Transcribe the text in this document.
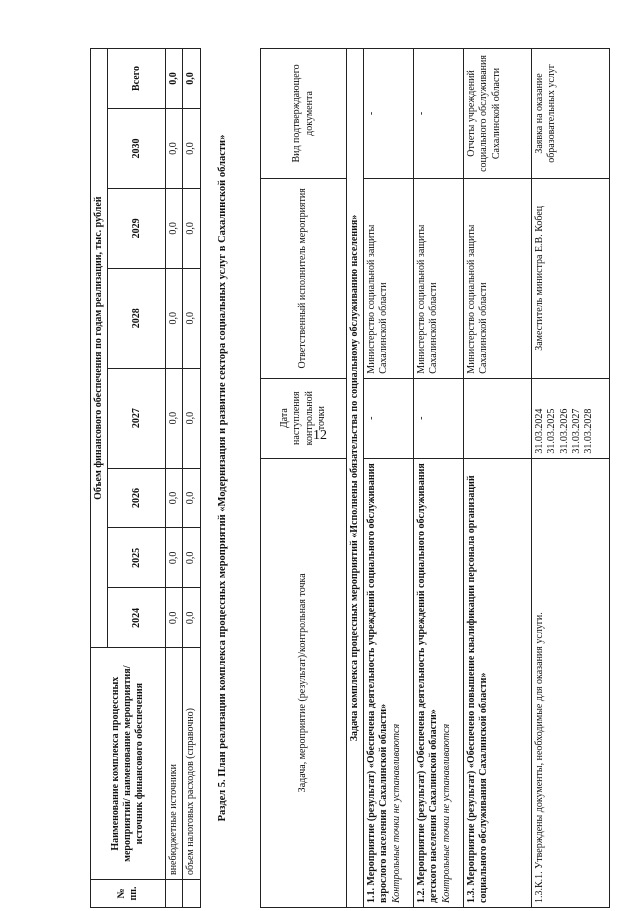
12
№ пп.	Наименование комплекса процессных мероприятий/ наименование мероприятия/ источник финансового обеспечения	Объем финансового обеспечения по годам реализации, тыс. рублей							
		2024	2025	2026	2027	2028	2029	2030	Всего
	внебюджетные источники	0,0	0,0	0,0	0,0	0,0	0,0	0,0	0,0
	объем налоговых расходов (справочно)	0,0	0,0	0,0	0,0	0,0	0,0	0,0	0,0
Раздел 5. План реализации комплекса процессных мероприятий «Модернизация и развитие сектора социальных услуг в Сахалинской области»	Задача, мероприятие (результат)/контрольная точка	Дата наступления контрольной точки	Ответственный исполнитель мероприятия	Вид подтверждающего документа
Задача комплекса процессных мероприятий «Исполнены обязательства по социальному обслуживанию населения»			
1.1. Мероприятие (результат) «Обеспечена деятельность учреждений социального обслуживания взрослого населения Сахалинской области»
Контрольные точки не устанавливаются	-	Министерство социальной защиты Сахалинской области	-
1.2. Мероприятие (результат) «Обеспечена деятельность учреждений социального обслуживания детского населения Сахалинской области»
Контрольные точки не устанавливаются	-	Министерство социальной защиты Сахалинской области	-
1.3. Мероприятие (результат) «Обеспечено повышение квалификации персонала организаций социального обслуживания Сахалинской области»		Министерство социальной защиты Сахалинской области	Отчеты учреждений социального обслуживания Сахалинской области
1.3.К.1. Утверждены документы, необходимые для оказания услуги.	31.03.2024 31.03.2025 31.03.2026 31.03.2027 31.03.2028	Заместитель министра Е.В. Кобец	Заявка на оказание образовательных услуг
